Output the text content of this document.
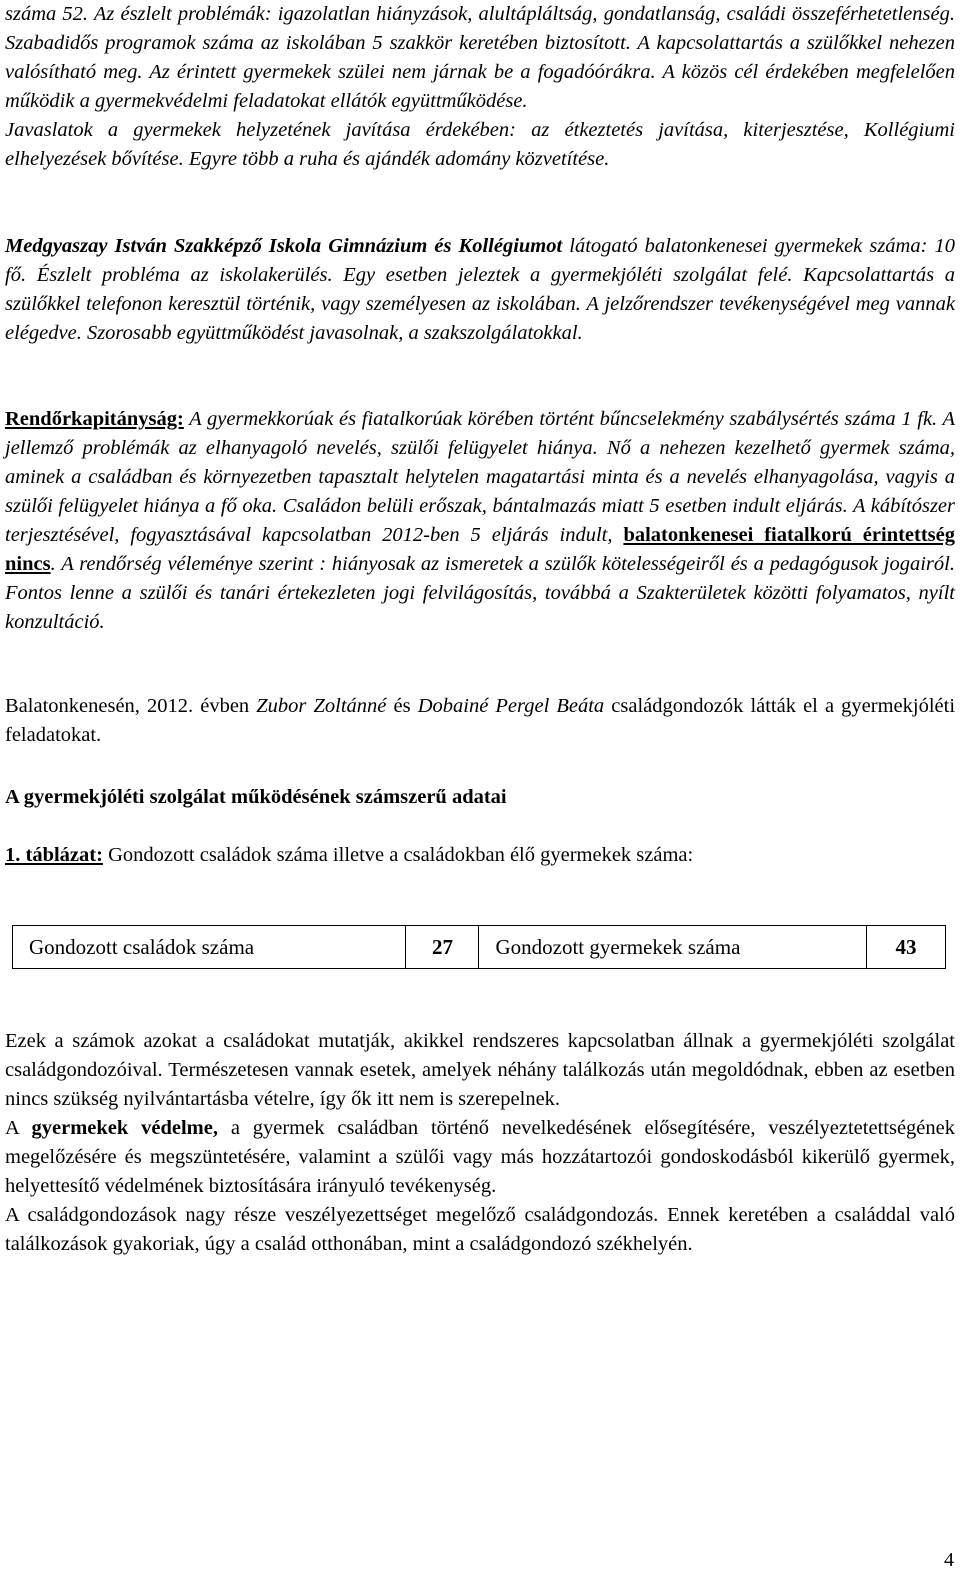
száma 52. Az észlelt problémák: igazolatlan hiányzások, alultápláltság, gondatlanság, családi összeférhetetlenség. Szabadidős programok száma az iskolában 5 szakkör keretében biztosított. A kapcsolattartás a szülőkkel nehezen valósítható meg. Az érintett gyermekek szülei nem járnak be a fogadóórákra. A közös cél érdekében megfelelően működik a gyermekvédelmi feladatokat ellátók együttműködése.

Javaslatok a gyermekek helyzetének javítása érdekében: az étkeztetés javítása, kiterjesztése, Kollégiumi elhelyezések bővítése. Egyre több a ruha és ajándék adomány közvetítése.

Medgyaszay István Szakképző Iskola Gimnázium és Kollégiumot látogató balatonkenesei gyermekek száma: 10 fő. Észlelt probléma az iskolakerülés. Egy esetben jeleztek a gyermekjóléti szolgálat felé. Kapcsolattartás a szülőkkel telefonon keresztül történik, vagy személyesen az iskolában. A jelzőrendszer tevékenységével meg vannak elégedve. Szorosabb együttműködést javasolnak, a szakszolgálatokkal.

Rendőrkapitányság: A gyermekkorúak és fiatalkorúak körében történt bűncselekmény szabálysértés száma 1 fk. A jellemző problémák az elhanyagoló nevelés, szülői felügyelet hiánya. Nő a nehezen kezelhető gyermek száma, aminek a családban és környezetben tapasztalt helytelen magatartási minta és a nevelés elhanyagolása, vagyis a szülői felügyelet hiánya a fő oka. Családon belüli erőszak, bántalmazás miatt 5 esetben indult eljárás. A kábítószer terjesztésével, fogyasztásával kapcsolatban 2012-ben 5 eljárás indult, balatonkenesei fiatalkorú érintettség nincs. A rendőrség véleménye szerint : hiányosak az ismeretek a szülők kötelességeiről és a pedagógusok jogairól. Fontos lenne a szülői és tanári értekezleten jogi felvilágosítás, továbbá a Szakterületek közötti folyamatos, nyílt konzultáció.

Balatonkenesén, 2012. évben Zubor Zoltánné és Dobainé Pergel Beáta családgondozók látták el a gyermekjóléti feladatokat.

A gyermekjóléti szolgálat működésének számszerű adatai
1. táblázat: Gondozott családok száma illetve a családokban élő gyermekek száma:
Gondozott családok száma	27	Gondozott gyermekek száma	43

Ezek a számok azokat a családokat mutatják, akikkel rendszeres kapcsolatban állnak a gyermekjóléti szolgálat családgondozóival. Természetesen vannak esetek, amelyek néhány találkozás után megoldódnak, ebben az esetben nincs szükség nyilvántartásba vételre, így ők itt nem is szerepelnek.

A gyermekek védelme, a gyermek családban történő nevelkedésének elősegítésére, veszélyeztetettségének megelőzésére és megszüntetésére, valamint a szülői vagy más hozzátartozói gondoskodásból kikerülő gyermek, helyettesítő védelmének biztosítására irányuló tevékenység.

A családgondozások nagy része veszélyezettséget megelőző családgondozás. Ennek keretében a családdal való találkozások gyakoriak, úgy a család otthonában, mint a családgondozó székhelyén.

4
